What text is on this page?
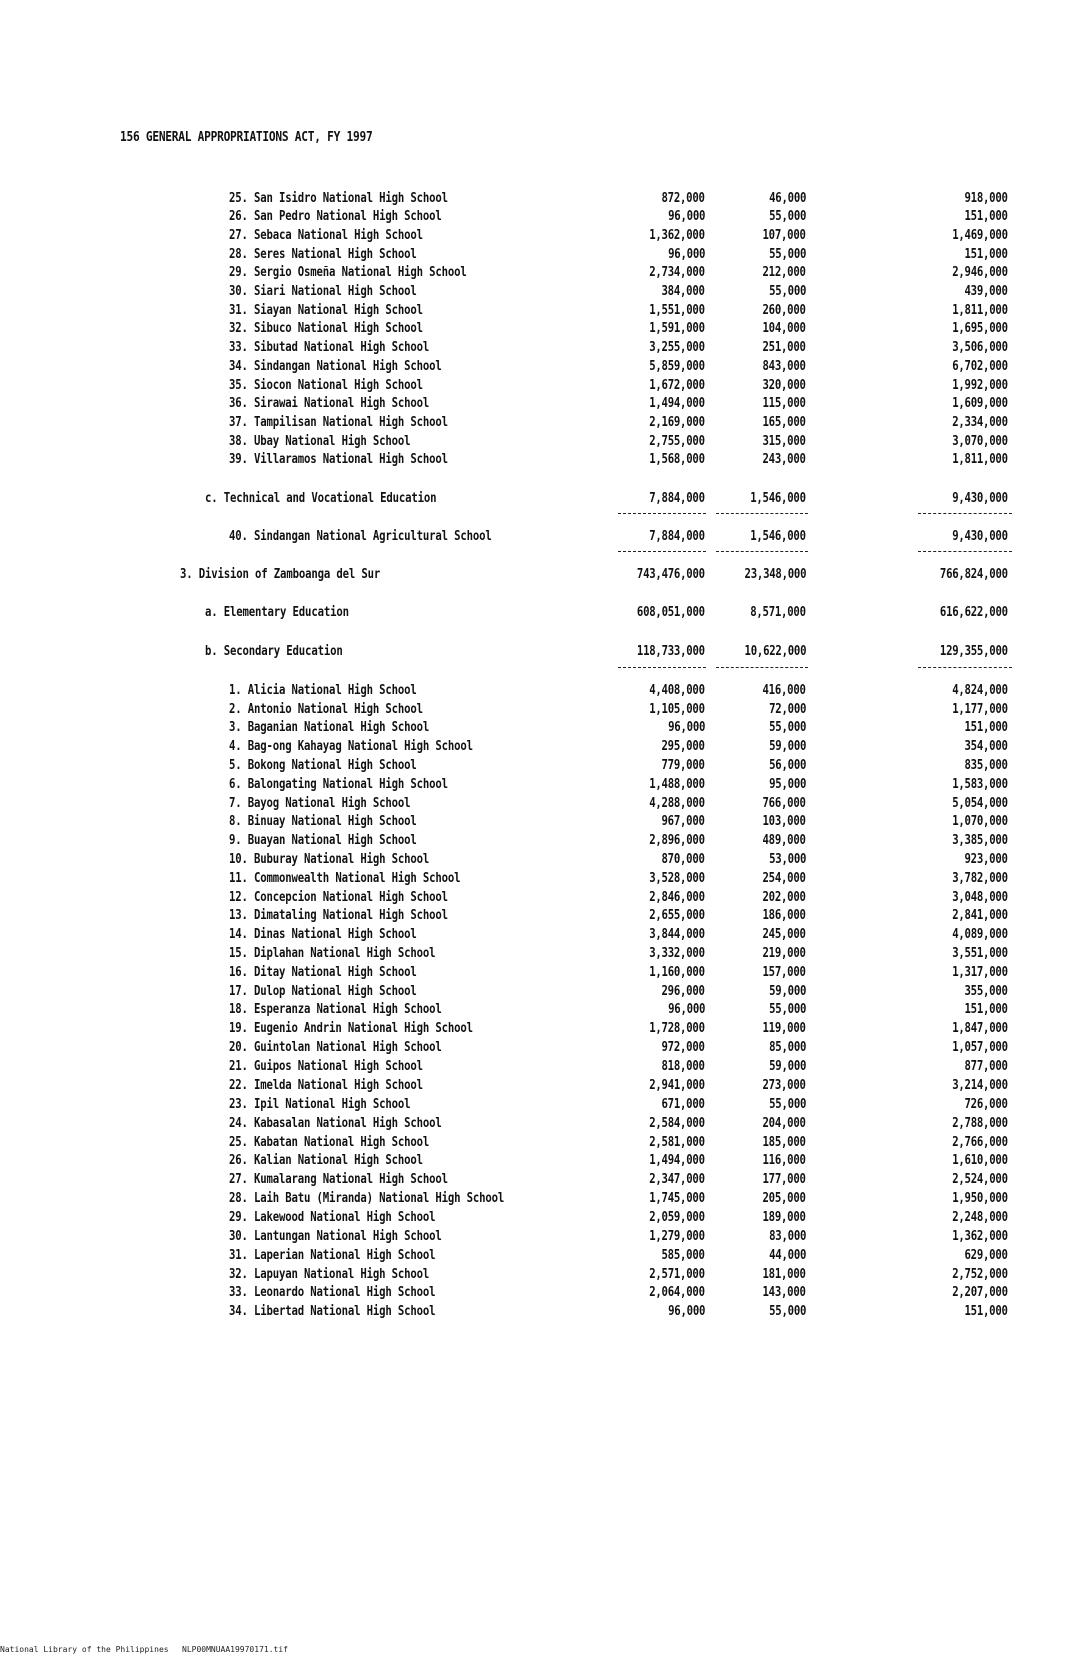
156 GENERAL APPROPRIATIONS ACT, FY 1997
25. San Isidro National High School	872,000	46,000	918,000
26. San Pedro National High School	96,000	55,000	151,000
27. Sebaca National High School	1,362,000	107,000	1,469,000
28. Seres National High School	96,000	55,000	151,000
29. Sergio Osmeña National High School	2,734,000	212,000	2,946,000
30. Siari National High School	384,000	55,000	439,000
31. Siayan National High School	1,551,000	260,000	1,811,000
32. Sibuco National High School	1,591,000	104,000	1,695,000
33. Sibutad National High School	3,255,000	251,000	3,506,000
34. Sindangan National High School	5,859,000	843,000	6,702,000
35. Siocon National High School	1,672,000	320,000	1,992,000
36. Sirawai National High School	1,494,000	115,000	1,609,000
37. Tampilisan National High School	2,169,000	165,000	2,334,000
38. Ubay National High School	2,755,000	315,000	3,070,000
39. Villaramos National High School	1,568,000	243,000	1,811,000
c. Technical and Vocational Education	7,884,000	1,546,000	9,430,000
40. Sindangan National Agricultural School	7,884,000	1,546,000	9,430,000
3. Division of Zamboanga del Sur	743,476,000	23,348,000	766,824,000
a. Elementary Education	608,051,000	8,571,000	616,622,000
b. Secondary Education	118,733,000	10,622,000	129,355,000
1. Alicia National High School	4,408,000	416,000	4,824,000
2. Antonio National High School	1,105,000	72,000	1,177,000
3. Baganian National High School	96,000	55,000	151,000
4. Bag-ong Kahayag National High School	295,000	59,000	354,000
5. Bokong National High School	779,000	56,000	835,000
6. Balongating National High School	1,488,000	95,000	1,583,000
7. Bayog National High School	4,288,000	766,000	5,054,000
8. Binuay National High School	967,000	103,000	1,070,000
9. Buayan National High School	2,896,000	489,000	3,385,000
10. Buburay National High School	870,000	53,000	923,000
11. Commonwealth National High School	3,528,000	254,000	3,782,000
12. Concepcion National High School	2,846,000	202,000	3,048,000
13. Dimataling National High School	2,655,000	186,000	2,841,000
14. Dinas National High School	3,844,000	245,000	4,089,000
15. Diplahan National High School	3,332,000	219,000	3,551,000
16. Ditay National High School	1,160,000	157,000	1,317,000
17. Dulop National High School	296,000	59,000	355,000
18. Esperanza National High School	96,000	55,000	151,000
19. Eugenio Andrin National High School	1,728,000	119,000	1,847,000
20. Guintolan National High School	972,000	85,000	1,057,000
21. Guipos National High School	818,000	59,000	877,000
22. Imelda National High School	2,941,000	273,000	3,214,000
23. Ipil National High School	671,000	55,000	726,000
24. Kabasalan National High School	2,584,000	204,000	2,788,000
25. Kabatan National High School	2,581,000	185,000	2,766,000
26. Kalian National High School	1,494,000	116,000	1,610,000
27. Kumalarang National High School	2,347,000	177,000	2,524,000
28. Laih Batu (Miranda) National High School	1,745,000	205,000	1,950,000
29. Lakewood National High School	2,059,000	189,000	2,248,000
30. Lantungan National High School	1,279,000	83,000	1,362,000
31. Laperian National High School	585,000	44,000	629,000
32. Lapuyan National High School	2,571,000	181,000	2,752,000
33. Leonardo National High School	2,064,000	143,000	2,207,000
34. Libertad National High School	96,000	55,000	151,000
National Library of the Philippines NLP00MNUAA19970171.tif
